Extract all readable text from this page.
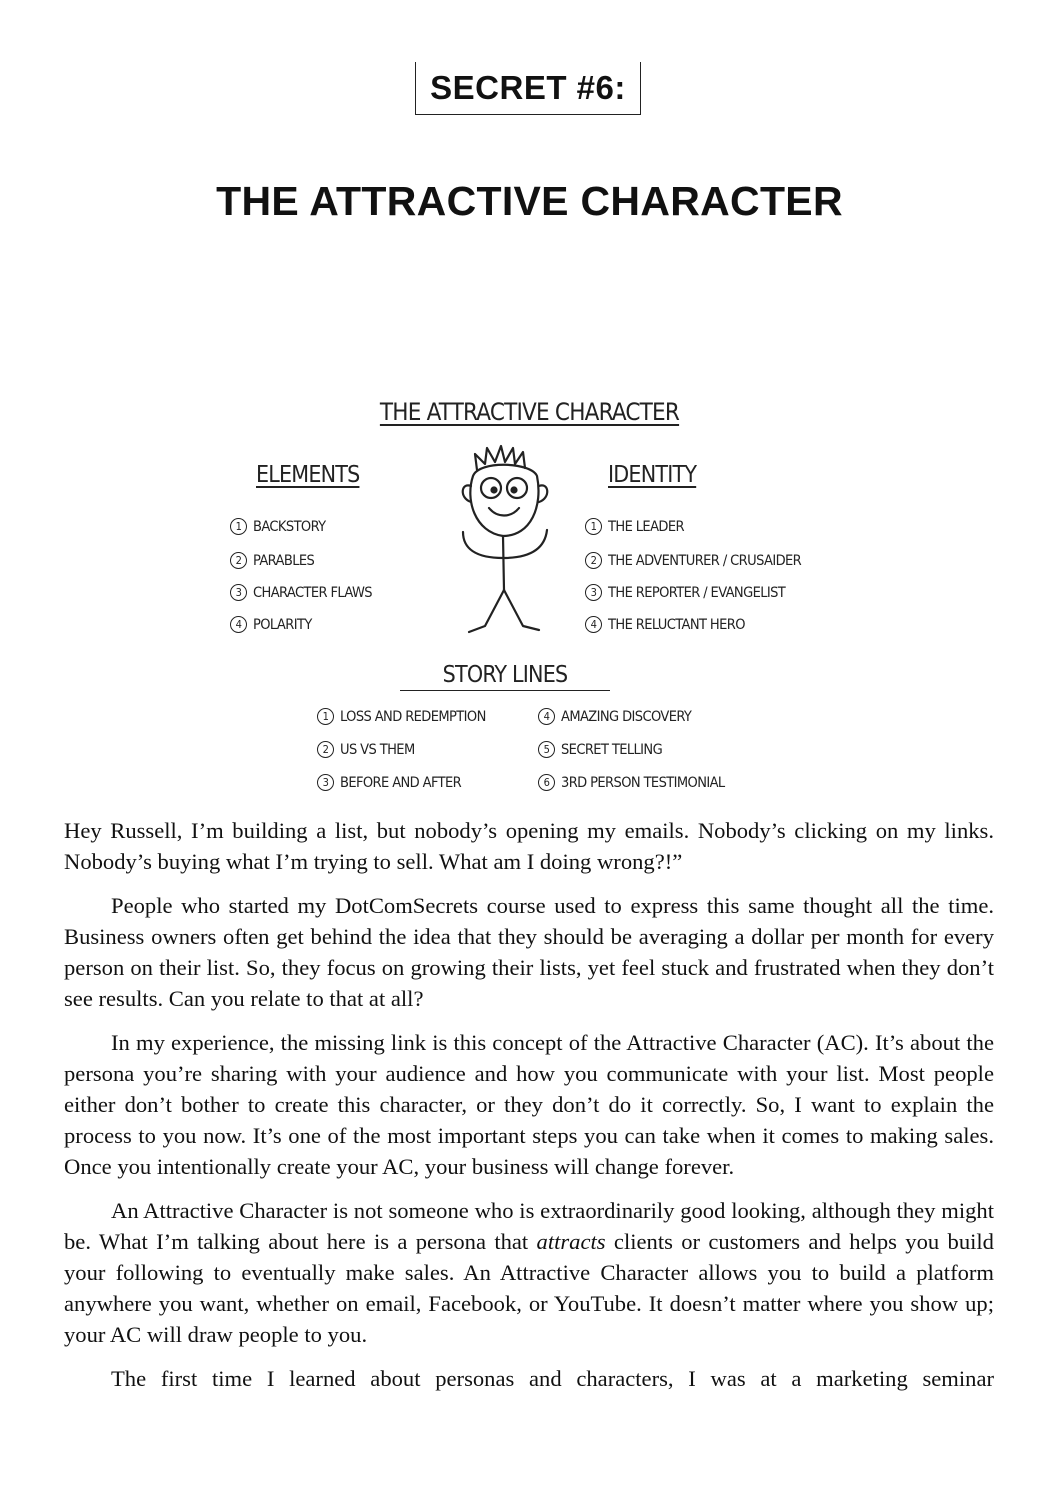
SECRET #6:
THE ATTRACTIVE CHARACTER
THE ATTRACTIVE CHARACTER
ELEMENTS
1 BACKSTORY
2 PARABLES
3 CHARACTER FLAWS
4 POLARITY
IDENTITY
1 THE LEADER
2 THE ADVENTURER / CRUSAIDER
3 THE REPORTER / EVANGELIST
4 THE RELUCTANT HERO
STORY LINES
1 LOSS AND REDEMPTION
2 US VS THEM
3 BEFORE AND AFTER
4 AMAZING DISCOVERY
5 SECRET TELLING
6 3RD PERSON TESTIMONIAL

Hey Russell, I’m building a list, but nobody’s opening my emails. Nobody’s clicking on my links. Nobody’s buying what I’m trying to sell. What am I doing wrong?!”

People who started my DotComSecrets course used to express this same thought all the time. Business owners often get behind the idea that they should be averaging a dollar per month for every person on their list. So, they focus on growing their lists, yet feel stuck and frustrated when they don’t see results. Can you relate to that at all?

In my experience, the missing link is this concept of the Attractive Character (AC). It’s about the persona you’re sharing with your audience and how you communicate with your list. Most people either don’t bother to create this character, or they don’t do it correctly. So, I want to explain the process to you now. It’s one of the most important steps you can take when it comes to making sales. Once you intentionally create your AC, your business will change forever.

An Attractive Character is not someone who is extraordinarily good looking, although they might be. What I’m talking about here is a persona that attracts clients or customers and helps you build your following to eventually make sales. An Attractive Character allows you to build a platform anywhere you want, whether on email, Facebook, or YouTube. It doesn’t matter where you show up; your AC will draw people to you.

The first time I learned about personas and characters, I was at a marketing seminar
